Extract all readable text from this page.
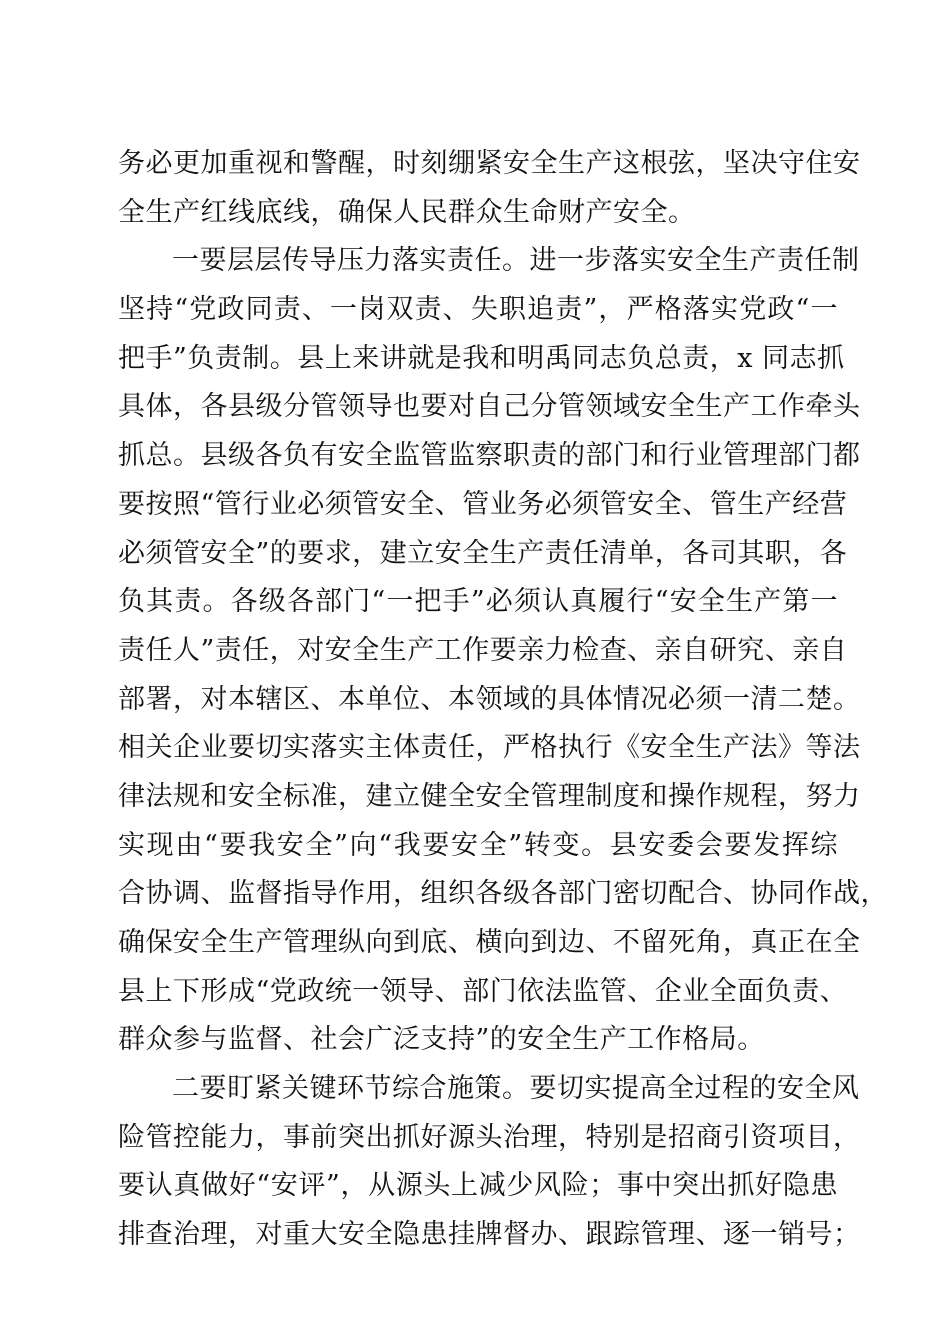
务必更加重视和警醒，时刻绷紧安全生产这根弦，坚决守住安
全生产红线底线，确保人民群众生命财产安全。
一要层层传导压力落实责任。进一步落实安全生产责任制
坚持“党政同责、一岗双责、失职追责”，严格落实党政“一
把手”负责制。县上来讲就是我和明禹同志负总责，x 同志抓
具体，各县级分管领导也要对自己分管领域安全生产工作牵头
抓总。县级各负有安全监管监察职责的部门和行业管理部门都
要按照“管行业必须管安全、管业务必须管安全、管生产经营
必须管安全”的要求，建立安全生产责任清单，各司其职，各
负其责。各级各部门“一把手”必须认真履行“安全生产第一
责任人”责任，对安全生产工作要亲力检查、亲自研究、亲自
部署，对本辖区、本单位、本领域的具体情况必须一清二楚。
相关企业要切实落实主体责任，严格执行《安全生产法》等法
律法规和安全标准，建立健全安全管理制度和操作规程，努力
实现由“要我安全”向“我要安全”转变。县安委会要发挥综
合协调、监督指导作用，组织各级各部门密切配合、协同作战，
确保安全生产管理纵向到底、横向到边、不留死角，真正在全
县上下形成“党政统一领导、部门依法监管、企业全面负责、
群众参与监督、社会广泛支持”的安全生产工作格局。
二要盯紧关键环节综合施策。要切实提高全过程的安全风
险管控能力，事前突出抓好源头治理，特别是招商引资项目，
要认真做好“安评”，从源头上减少风险；事中突出抓好隐患
排查治理，对重大安全隐患挂牌督办、跟踪管理、逐一销号；
